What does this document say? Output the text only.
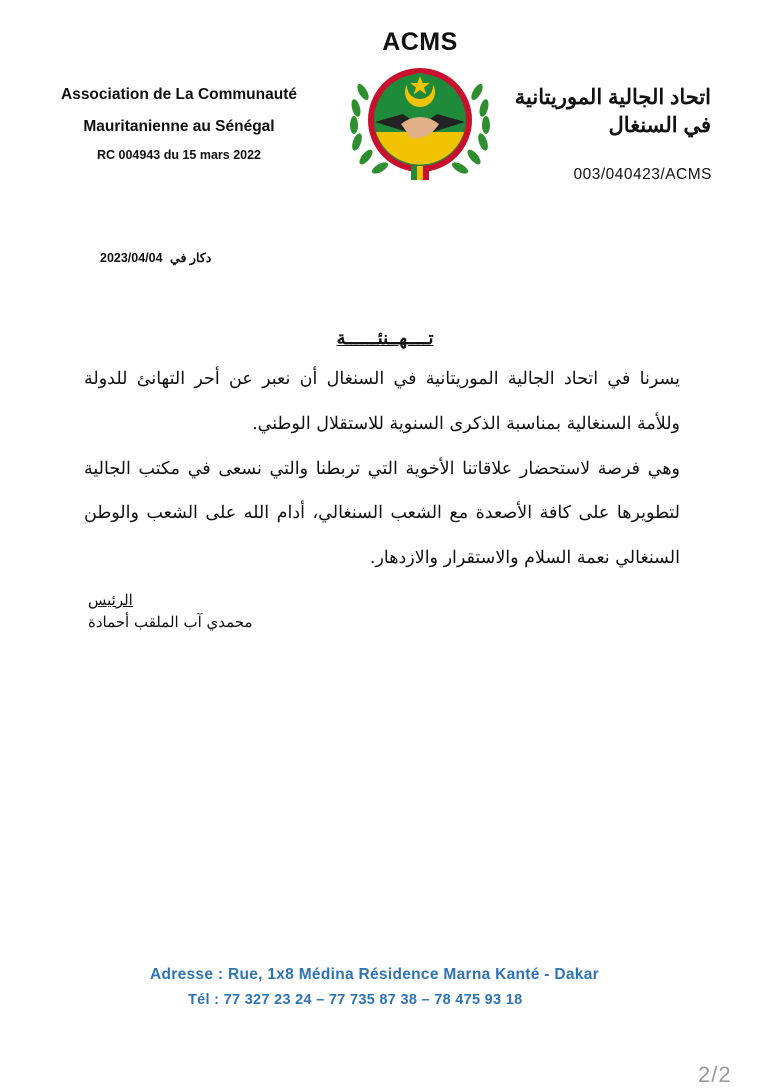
Association de La Communauté
Mauritanienne au Sénégal
RC 004943 du 15 mars 2022
ACMS
اتحاد الجالية الموريتانية
في السنغال
003/040423/ACMS
2023/04/04 دكار في
تــــهــنئــــــة

يسرنا في اتحاد الجالية الموريتانية في السنغال أن نعبر عن أحر التهانئ للدولة وللأمة السنغالية بمناسبة الذكرى السنوية للاستقلال الوطني.

وهي فرصة لاستحضار علاقاتنا الأخوية التي تربطنا والتي نسعى في مكتب الجالية لتطويرها على كافة الأصعدة مع الشعب السنغالي، أدام الله على الشعب والوطن السنغالي نعمة السلام والاستقرار والازدهار.

الرئيس
محمدي آب الملقب أحمادة
Adresse : Rue, 1x8 Médina Résidence Marna Kanté - Dakar
Tél : 77 327 23 24 – 77 735 87 38 – 78 475 93 18
2/2
